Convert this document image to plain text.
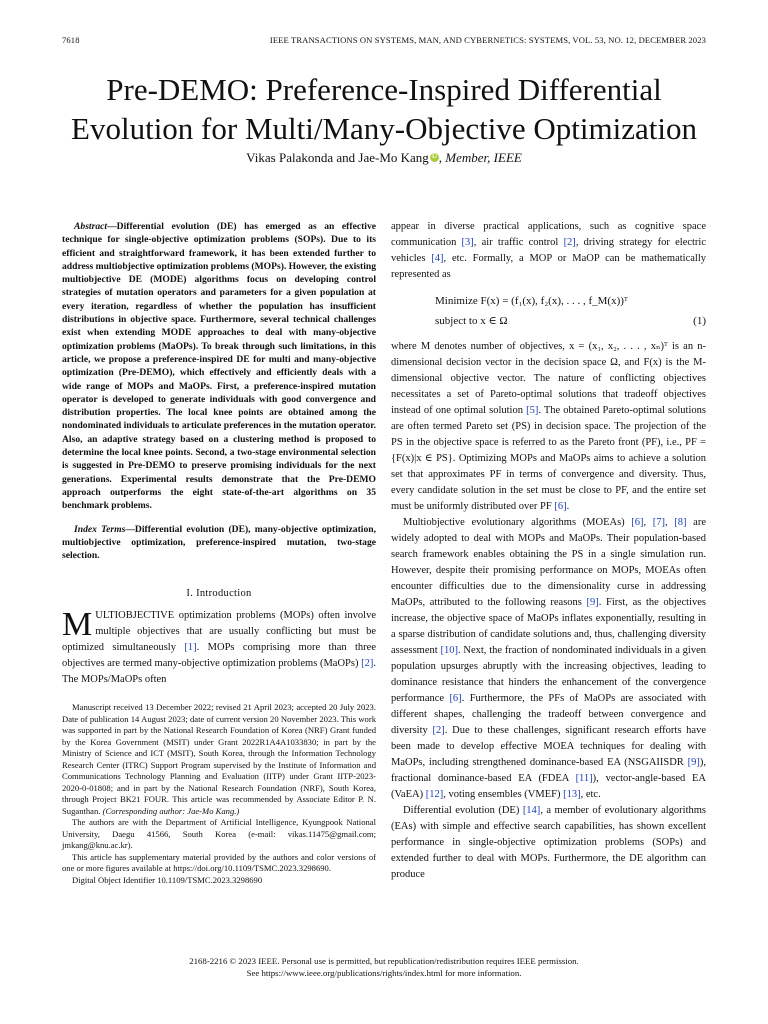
7618	IEEE TRANSACTIONS ON SYSTEMS, MAN, AND CYBERNETICS: SYSTEMS, VOL. 53, NO. 12, DECEMBER 2023
Pre-DEMO: Preference-Inspired Differential
Evolution for Multi/Many-Objective Optimization
Vikas Palakonda and Jae-Mo Kang iD , Member, IEEE

Abstract—Differential evolution (DE) has emerged as an effective technique for single-objective optimization problems (SOPs). Due to its efficient and straightforward framework, it has been extended further to address multiobjective optimization problems (MOPs). However, the existing multiobjective DE (MODE) algorithms focus on developing control strategies of mutation operators and parameters for a given population at every iteration, regardless of whether the population has insufficient distributions in objective space. Furthermore, several technical challenges exist when extending MODE approaches to deal with many-objective optimization problems (MaOPs). To break through such limitations, in this article, we propose a preference-inspired DE for multi and many-objective optimization (Pre-DEMO), which effectively and efficiently deals with a wide range of MOPs and MaOPs. First, a preference-inspired mutation operator is developed to generate individuals with good convergence and distribution properties. The local knee points are obtained among the nondominated individuals to articulate preferences in the mutation operator. Also, an adaptive strategy based on a clustering method is proposed to determine the local knee points. Second, a two-stage environmental selection is suggested in Pre-DEMO to preserve promising individuals for the next generations. Experimental results demonstrate that the Pre-DEMO approach outperforms the eight state-of-the-art algorithms on 35 benchmark problems.

Index Terms—Differential evolution (DE), many-objective optimization, multiobjective optimization, preference-inspired mutation, two-stage selection.

I. Introduction

MULTIOBJECTIVE optimization problems (MOPs) often involve multiple objectives that are usually conflicting but must be optimized simultaneously [1]. MOPs comprising more than three objectives are termed many-objective optimization problems (MaOPs) [2]. The MOPs/MaOPs often

Manuscript received 13 December 2022; revised 21 April 2023; accepted 20 July 2023. Date of publication 14 August 2023; date of current version 20 November 2023. This work was supported in part by the National Research Foundation of Korea (NRF) Grant funded by the Korea Government (MSIT) under Grant 2022R1A4A1033830; in part by the Ministry of Science and ICT (MSIT), South Korea, through the Information Technology Research Center (ITRC) Support Program supervised by the Institute of Information and Communications Technology Planning and Evaluation (IITP) under Grant IITP-2023-2020-0-01808; and in part by the National Research Foundation (NRF), South Korea, through Project BK21 FOUR. This article was recommended by Associate Editor P. N. Suganthan. (Corresponding author: Jae-Mo Kang.)

The authors are with the Department of Artificial Intelligence, Kyungpook National University, Daegu 41566, South Korea (e-mail: vikas.11475@gmail.com; jmkang@knu.ac.kr).

This article has supplementary material provided by the authors and color versions of one or more figures available at https://doi.org/10.1109/TSMC.2023.3298690.

Digital Object Identifier 10.1109/TSMC.2023.3298690

appear in diverse practical applications, such as cognitive space communication [3], air traffic control [2], driving strategy for electric vehicles [4], etc. Formally, a MOP or MaOP can be mathematically represented as

Minimize F(x) = (f₁(x), f₂(x), . . . , f_M(x))ᵀ
subject to x ∈ Ω	(1)

where M denotes number of objectives, x = (x₁, x₂, . . . , xₙ)ᵀ is an n-dimensional decision vector in the decision space Ω, and F(x) is the M-dimensional objective vector. The nature of conflicting objectives necessitates a set of Pareto-optimal solutions that tradeoff objectives instead of one optimal solution [5]. The obtained Pareto-optimal solutions are often termed Pareto set (PS) in decision space. The projection of the PS in the objective space is referred to as the Pareto front (PF), i.e., PF = {F(x)|x ∈ PS}. Optimizing MOPs and MaOPs aims to achieve a solution set that approximates PF in terms of convergence and diversity. Thus, every candidate solution in the set must be close to PF, and the entire set must be uniformly distributed over PF [6].

Multiobjective evolutionary algorithms (MOEAs) [6], [7], [8] are widely adopted to deal with MOPs and MaOPs. Their population-based search framework enables obtaining the PS in a single simulation run. However, despite their promising performance on MOPs, MOEAs often encounter difficulties due to the dimensionality curse in addressing MaOPs, attributed to the following reasons [9]. First, as the objectives increase, the objective space of MaOPs inflates exponentially, resulting in a sparse distribution of candidate solutions and, thus, challenging diversity assessment [10]. Next, the fraction of nondominated individuals in a given population upsurges abruptly with the increasing objectives, leading to dominance resistance that hinders the enhancement of the convergence performance [6]. Furthermore, the PFs of MaOPs are associated with different shapes, challenging the tradeoff between convergence and diversity [2]. Due to these challenges, significant research efforts have been made to develop effective MOEA techniques for dealing with MaOPs, including strengthened dominance-based EA (NSGAIISDR [9]), fractional dominance-based EA (FDEA [11]), vector-angle-based EA (VaEA) [12], voting ensembles (VMEF) [13], etc.

Differential evolution (DE) [14], a member of evolutionary algorithms (EAs) with simple and effective search capabilities, has shown excellent performance in single-objective optimization problems (SOPs) and extended further to deal with MOPs. Furthermore, the DE algorithm can produce

2168-2216 © 2023 IEEE. Personal use is permitted, but republication/redistribution requires IEEE permission.
See https://www.ieee.org/publications/rights/index.html for more information.
